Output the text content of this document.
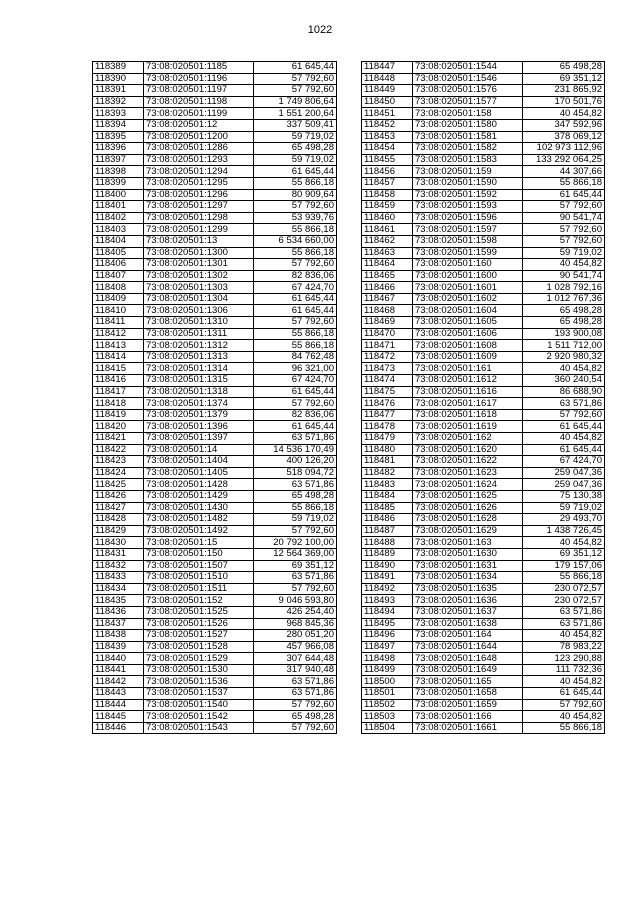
1022
118389	73:08:020501:1185	61 645,44
118390	73:08:020501:1196	57 792,60
118391	73:08:020501:1197	57 792,60
118392	73:08:020501:1198	1 749 806,64
118393	73:08:020501:1199	1 551 200,64
118394	73:08:020501:12	337 509,41
118395	73:08:020501:1200	59 719,02
118396	73:08:020501:1286	65 498,28
118397	73:08:020501:1293	59 719,02
118398	73:08:020501:1294	61 645,44
118399	73:08:020501:1295	55 866,18
118400	73:08:020501:1296	80 909,64
118401	73:08:020501:1297	57 792,60
118402	73:08:020501:1298	53 939,76
118403	73:08:020501:1299	55 866,18
118404	73:08:020501:13	6 534 660,00
118405	73:08:020501:1300	55 866,18
118406	73:08:020501:1301	57 792,60
118407	73:08:020501:1302	82 836,06
118408	73:08:020501:1303	67 424,70
118409	73:08:020501:1304	61 645,44
118410	73:08:020501:1306	61 645,44
118411	73:08:020501:1310	57 792,60
118412	73:08:020501:1311	55 866,18
118413	73:08:020501:1312	55 866,18
118414	73:08:020501:1313	84 762,48
118415	73:08:020501:1314	96 321,00
118416	73:08:020501:1315	67 424,70
118417	73:08:020501:1318	61 645,44
118418	73:08:020501:1374	57 792,60
118419	73:08:020501:1379	82 836,06
118420	73:08:020501:1396	61 645,44
118421	73:08:020501:1397	63 571,86
118422	73:08:020501:14	14 536 170,49
118423	73:08:020501:1404	400 126,20
118424	73:08:020501:1405	518 094,72
118425	73:08:020501:1428	63 571,86
118426	73:08:020501:1429	65 498,28
118427	73:08:020501:1430	55 866,18
118428	73:08:020501:1482	59 719,02
118429	73:08:020501:1492	57 792,60
118430	73:08:020501:15	20 792 100,00
118431	73:08:020501:150	12 564 369,00
118432	73:08:020501:1507	69 351,12
118433	73:08:020501:1510	63 571,86
118434	73:08:020501:1511	57 792,60
118435	73:08:020501:152	9 046 593,80
118436	73:08:020501:1525	426 254,40
118437	73:08:020501:1526	968 845,36
118438	73:08:020501:1527	280 051,20
118439	73:08:020501:1528	457 966,08
118440	73:08:020501:1529	307 644,48
118441	73:08:020501:1530	317 940,48
118442	73:08:020501:1536	63 571,86
118443	73:08:020501:1537	63 571,86
118444	73:08:020501:1540	57 792,60
118445	73:08:020501:1542	65 498,28
118446	73:08:020501:1543	57 792,60
118447	73:08:020501:1544	65 498,28
118448	73:08:020501:1546	69 351,12
118449	73:08:020501:1576	231 865,92
118450	73:08:020501:1577	170 501,76
118451	73:08:020501:158	40 454,82
118452	73:08:020501:1580	347 592,96
118453	73:08:020501:1581	378 069,12
118454	73:08:020501:1582	102 973 112,96
118455	73:08:020501:1583	133 292 064,25
118456	73:08:020501:159	44 307,66
118457	73:08:020501:1590	55 866,18
118458	73:08:020501:1592	61 645,44
118459	73:08:020501:1593	57 792,60
118460	73:08:020501:1596	90 541,74
118461	73:08:020501:1597	57 792,60
118462	73:08:020501:1598	57 792,60
118463	73:08:020501:1599	59 719,02
118464	73:08:020501:160	40 454,82
118465	73:08:020501:1600	90 541,74
118466	73:08:020501:1601	1 028 792,16
118467	73:08:020501:1602	1 012 767,36
118468	73:08:020501:1604	65 498,28
118469	73:08:020501:1605	65 498,28
118470	73:08:020501:1606	193 900,08
118471	73:08:020501:1608	1 511 712,00
118472	73:08:020501:1609	2 920 980,32
118473	73:08:020501:161	40 454,82
118474	73:08:020501:1612	360 240,54
118475	73:08:020501:1616	86 688,90
118476	73:08:020501:1617	63 571,86
118477	73:08:020501:1618	57 792,60
118478	73:08:020501:1619	61 645,44
118479	73:08:020501:162	40 454,82
118480	73:08:020501:1620	61 645,44
118481	73:08:020501:1622	67 424,70
118482	73:08:020501:1623	259 047,36
118483	73:08:020501:1624	259 047,36
118484	73:08:020501:1625	75 130,38
118485	73:08:020501:1626	59 719,02
118486	73:08:020501:1628	29 493,70
118487	73:08:020501:1629	1 438 726,45
118488	73:08:020501:163	40 454,82
118489	73:08:020501:1630	69 351,12
118490	73:08:020501:1631	179 157,06
118491	73:08:020501:1634	55 866,18
118492	73:08:020501:1635	230 072,57
118493	73:08:020501:1636	230 072,57
118494	73:08:020501:1637	63 571,86
118495	73:08:020501:1638	63 571,86
118496	73:08:020501:164	40 454,82
118497	73:08:020501:1644	78 983,22
118498	73:08:020501:1648	123 290,88
118499	73:08:020501:1649	111 732,36
118500	73:08:020501:165	40 454,82
118501	73:08:020501:1658	61 645,44
118502	73:08:020501:1659	57 792,60
118503	73:08:020501:166	40 454,82
118504	73:08:020501:1661	55 866,18
